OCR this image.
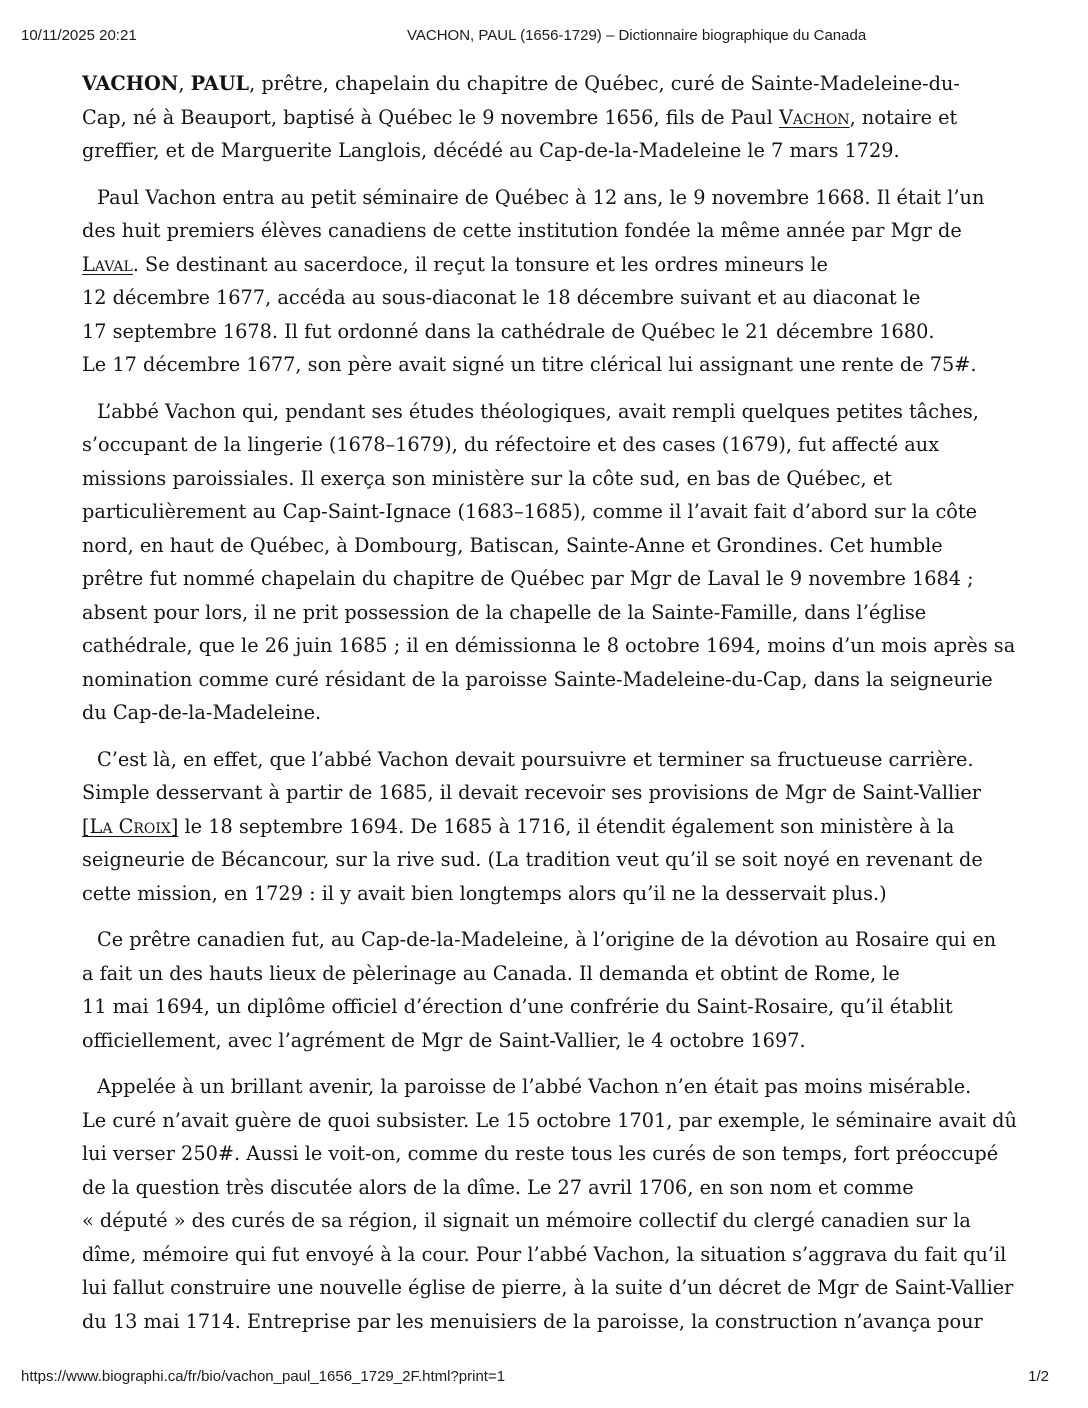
10/11/2025 20:21	VACHON, PAUL (1656-1729) – Dictionnaire biographique du Canada
VACHON, PAUL, prêtre, chapelain du chapitre de Québec, curé de Sainte-Madeleine-du-
Cap, né à Beauport, baptisé à Québec le 9 novembre 1656, fils de Paul Vachon, notaire et
greffier, et de Marguerite Langlois, décédé au Cap-de-la-Madeleine le 7 mars 1729.
Paul Vachon entra au petit séminaire de Québec à 12 ans, le 9 novembre 1668. Il était l’un
des huit premiers élèves canadiens de cette institution fondée la même année par Mgr de
Laval. Se destinant au sacerdoce, il reçut la tonsure et les ordres mineurs le
12 décembre 1677, accéda au sous-diaconat le 18 décembre suivant et au diaconat le
17 septembre 1678. Il fut ordonné dans la cathédrale de Québec le 21 décembre 1680.
Le 17 décembre 1677, son père avait signé un titre clérical lui assignant une rente de 75#.
L’abbé Vachon qui, pendant ses études théologiques, avait rempli quelques petites tâches,
s’occupant de la lingerie (1678–1679), du réfectoire et des cases (1679), fut affecté aux
missions paroissiales. Il exerça son ministère sur la côte sud, en bas de Québec, et
particulièrement au Cap-Saint-Ignace (1683–1685), comme il l’avait fait d’abord sur la côte
nord, en haut de Québec, à Dombourg, Batiscan, Sainte-Anne et Grondines. Cet humble
prêtre fut nommé chapelain du chapitre de Québec par Mgr de Laval le 9 novembre 1684 ;
absent pour lors, il ne prit possession de la chapelle de la Sainte-Famille, dans l’église
cathédrale, que le 26 juin 1685 ; il en démissionna le 8 octobre 1694, moins d’un mois après sa
nomination comme curé résidant de la paroisse Sainte-Madeleine-du-Cap, dans la seigneurie
du Cap-de-la-Madeleine.
C’est là, en effet, que l’abbé Vachon devait poursuivre et terminer sa fructueuse carrière.
Simple desservant à partir de 1685, il devait recevoir ses provisions de Mgr de Saint-Vallier
[La Croix] le 18 septembre 1694. De 1685 à 1716, il étendit également son ministère à la
seigneurie de Bécancour, sur la rive sud. (La tradition veut qu’il se soit noyé en revenant de
cette mission, en 1729 : il y avait bien longtemps alors qu’il ne la desservait plus.)
Ce prêtre canadien fut, au Cap-de-la-Madeleine, à l’origine de la dévotion au Rosaire qui en
a fait un des hauts lieux de pèlerinage au Canada. Il demanda et obtint de Rome, le
11 mai 1694, un diplôme officiel d’érection d’une confrérie du Saint-Rosaire, qu’il établit
officiellement, avec l’agrément de Mgr de Saint-Vallier, le 4 octobre 1697.
Appelée à un brillant avenir, la paroisse de l’abbé Vachon n’en était pas moins misérable.
Le curé n’avait guère de quoi subsister. Le 15 octobre 1701, par exemple, le séminaire avait dû
lui verser 250#. Aussi le voit-on, comme du reste tous les curés de son temps, fort préoccupé
de la question très discutée alors de la dîme. Le 27 avril 1706, en son nom et comme
« député » des curés de sa région, il signait un mémoire collectif du clergé canadien sur la
dîme, mémoire qui fut envoyé à la cour. Pour l’abbé Vachon, la situation s’aggrava du fait qu’il
lui fallut construire une nouvelle église de pierre, à la suite d’un décret de Mgr de Saint-Vallier
du 13 mai 1714. Entreprise par les menuisiers de la paroisse, la construction n’avança pour
https://www.biographi.ca/fr/bio/vachon_paul_1656_1729_2F.html?print=1	1/2
